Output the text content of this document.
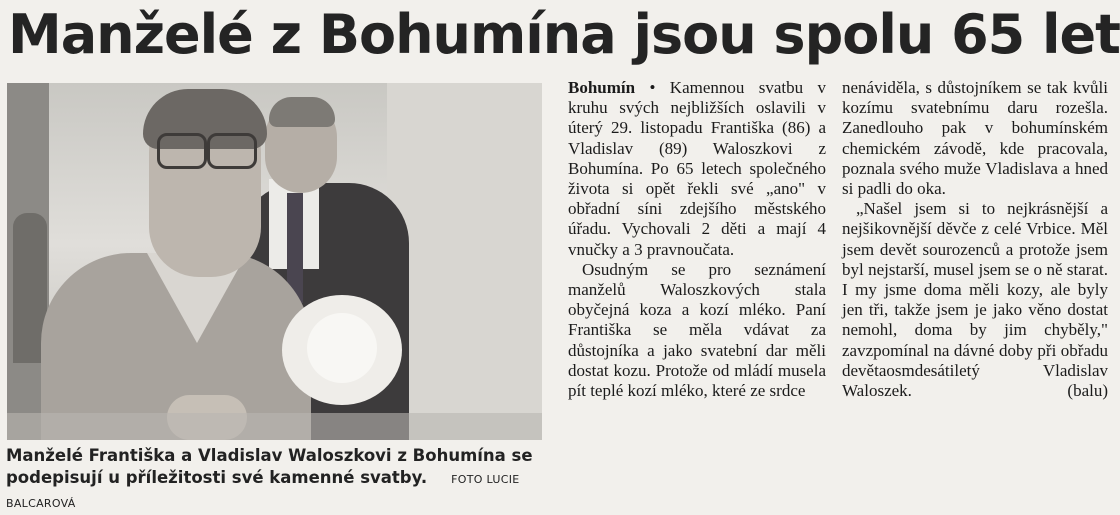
Manželé z Bohumína jsou spolu 65 let
Manželé Františka a Vladislav Waloszkovi z Bohumína se podepisují u příležitosti své kamenné svatby. FOTO LUCIE BALCAROVÁ

Bohumín • Kamennou svatbu v kruhu svých nejbližších oslavili v úterý 29. listopadu Františka (86) a Vladislav (89) Waloszkovi z Bohumína. Po 65 letech společného života si opět řekli své „ano" v obřadní síni zdejšího městského úřadu. Vychovali 2 děti a mají 4 vnučky a 3 pravnoučata.

Osudným se pro seznámení manželů Waloszkových stala obyčejná koza a kozí mléko. Paní Františka se měla vdávat za důstojníka a jako svatební dar měli dostat kozu. Protože od mládí musela pít teplé kozí mléko, které ze srdce

nenáviděla, s důstojníkem se tak kvůli kozímu svatebnímu daru rozešla. Zanedlouho pak v bohumínském chemickém závodě, kde pracovala, poznala svého muže Vladislava a hned si padli do oka.

„Našel jsem si to nejkrásnější a nejšikovnější děvče z celé Vrbice. Měl jsem devět sourozenců a protože jsem byl nejstarší, musel jsem se o ně starat. I my jsme doma měli kozy, ale byly jen tři, takže jsem je jako věno dostat nemohl, doma by jim chyběly," zavzpomínal na dávné doby při obřadu devětaosmdesátiletý Vladislav Waloszek.	(balu)
